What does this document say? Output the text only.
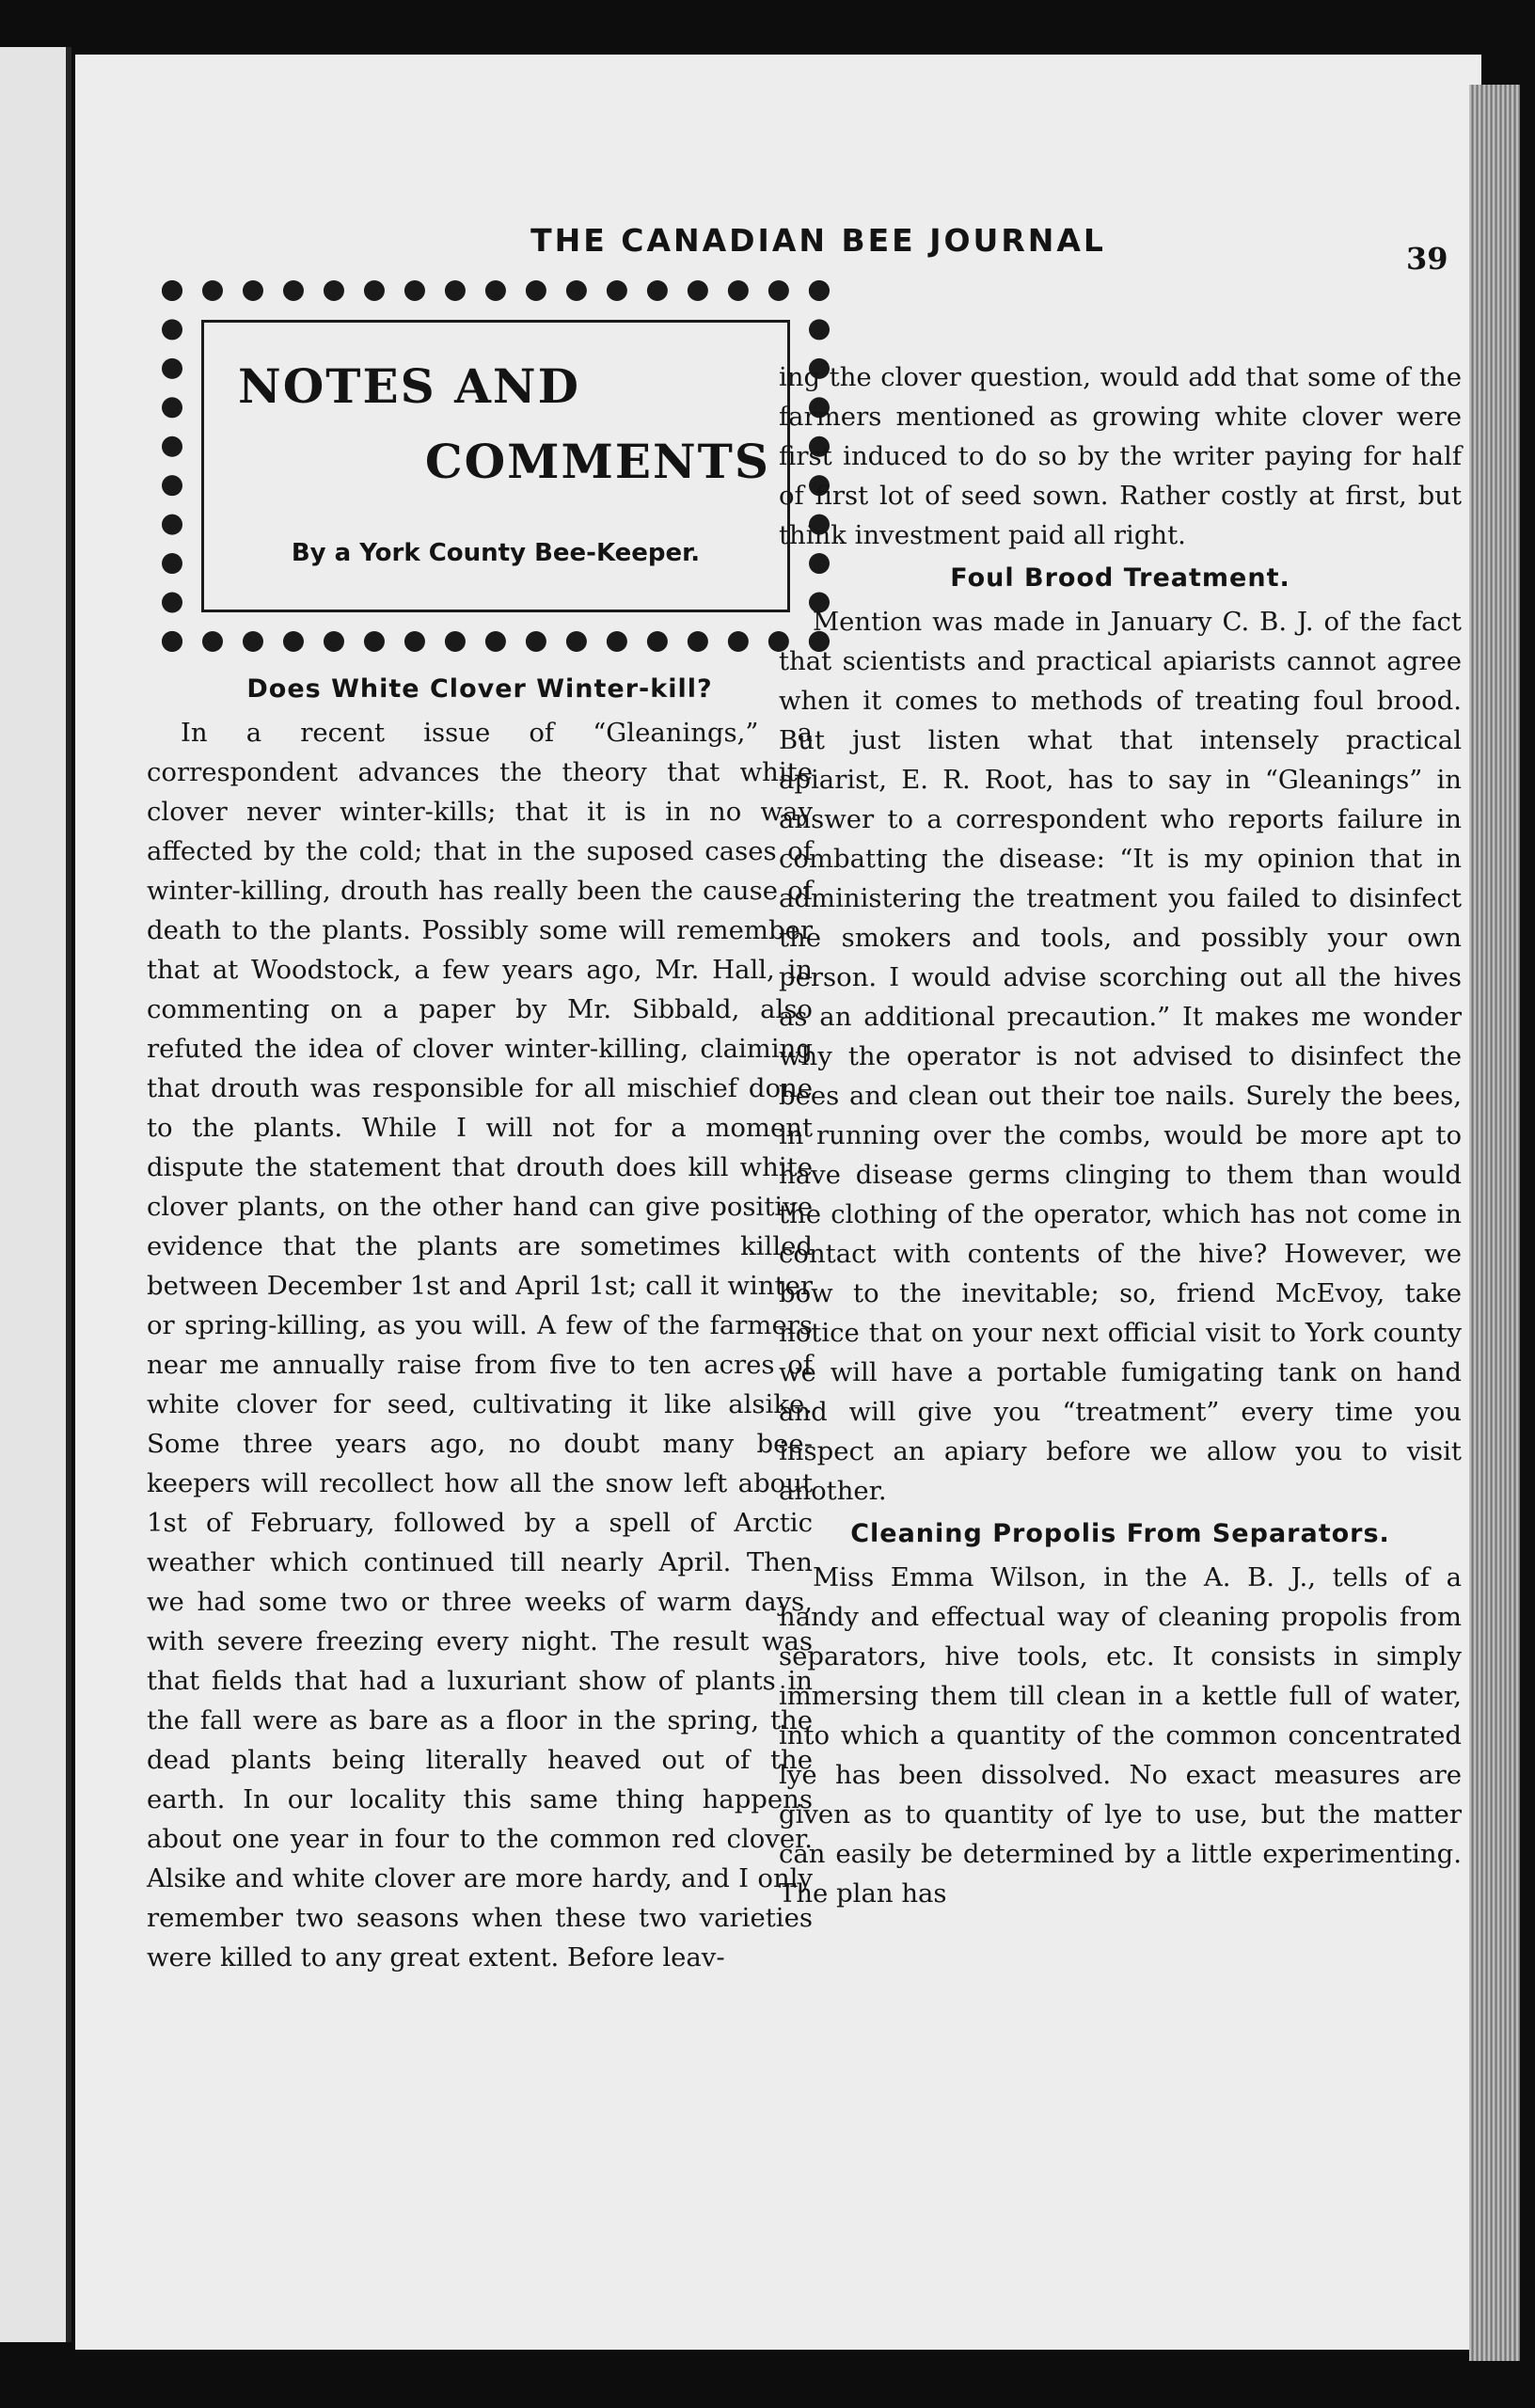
THE CANADIAN BEE JOURNAL	39
NOTES AND
COMMENTS
By a York County Bee-Keeper.
Does White Clover Winter-kill?

In a recent issue of “Gleanings,” a correspondent advances the theory that white clover never winter-kills; that it is in no way affected by the cold; that in the suposed cases of winter-killing, drouth has really been the cause of death to the plants. Possibly some will remember that at Woodstock, a few years ago, Mr. Hall, in commenting on a paper by Mr. Sibbald, also refuted the idea of clover winter-killing, claiming that drouth was responsible for all mischief done to the plants. While I will not for a moment dispute the statement that drouth does kill white clover plants, on the other hand can give positive evidence that the plants are sometimes killed between December 1st and April 1st; call it winter or spring-killing, as you will. A few of the farmers near me annually raise from five to ten acres of white clover for seed, cultivating it like alsike. Some three years ago, no doubt many bee-keepers will recollect how all the snow left about 1st of February, followed by a spell of Arctic weather which continued till nearly April. Then we had some two or three weeks of warm days, with severe freezing every night. The result was that fields that had a luxuriant show of plants in the fall were as bare as a floor in the spring, the dead plants being literally heaved out of the earth. In our locality this same thing happens about one year in four to the common red clover. Alsike and white clover are more hardy, and I only remember two seasons when these two varieties were killed to any great extent. Before leav-

ing the clover question, would add that some of the farmers mentioned as growing white clover were first induced to do so by the writer paying for half of first lot of seed sown. Rather costly at first, but think investment paid all right.

Foul Brood Treatment.

Mention was made in January C. B. J. of the fact that scientists and practical apiarists cannot agree when it comes to methods of treating foul brood. But just listen what that intensely practical apiarist, E. R. Root, has to say in “Gleanings” in answer to a correspondent who reports failure in combatting the disease: “It is my opinion that in administering the treatment you failed to disinfect the smokers and tools, and possibly your own person. I would advise scorching out all the hives as an additional precaution.” It makes me wonder why the operator is not advised to disinfect the bees and clean out their toe nails. Surely the bees, in running over the combs, would be more apt to have disease germs clinging to them than would the clothing of the operator, which has not come in contact with contents of the hive? However, we bow to the inevitable; so, friend McEvoy, take notice that on your next official visit to York county we will have a portable fumigating tank on hand and will give you “treatment” every time you inspect an apiary before we allow you to visit another.

Cleaning Propolis From Separators.

Miss Emma Wilson, in the A. B. J., tells of a handy and effectual way of cleaning propolis from separators, hive tools, etc. It consists in simply immersing them till clean in a kettle full of water, into which a quantity of the common concentrated lye has been dissolved. No exact measures are given as to quantity of lye to use, but the matter can easily be determined by a little experimenting. The plan has
